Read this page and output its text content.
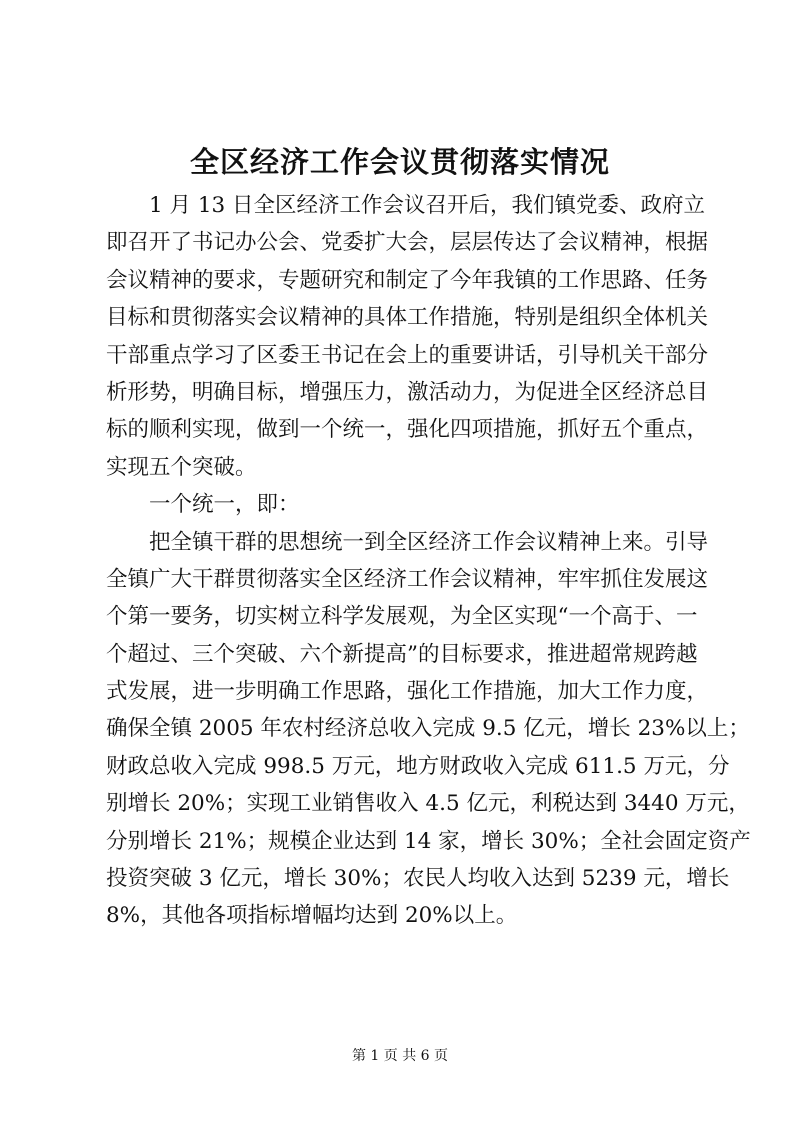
全区经济工作会议贯彻落实情况
1 月 13 日全区经济工作会议召开后，我们镇党委、政府立
即召开了书记办公会、党委扩大会，层层传达了会议精神，根据
会议精神的要求，专题研究和制定了今年我镇的工作思路、任务
目标和贯彻落实会议精神的具体工作措施，特别是组织全体机关
干部重点学习了区委王书记在会上的重要讲话，引导机关干部分
析形势，明确目标，增强压力，激活动力，为促进全区经济总目
标的顺利实现，做到一个统一，强化四项措施，抓好五个重点，
实现五个突破。
一个统一，即：
把全镇干群的思想统一到全区经济工作会议精神上来。引导
全镇广大干群贯彻落实全区经济工作会议精神，牢牢抓住发展这
个第一要务，切实树立科学发展观，为全区实现“一个高于、一
个超过、三个突破、六个新提高”的目标要求，推进超常规跨越
式发展，进一步明确工作思路，强化工作措施，加大工作力度，
确保全镇 2005 年农村经济总收入完成 9.5 亿元，增长 23%以上；
财政总收入完成 998.5 万元，地方财政收入完成 611.5 万元，分
别增长 20%；实现工业销售收入 4.5 亿元，利税达到 3440 万元，
分别增长 21%；规模企业达到 14 家，增长 30%；全社会固定资产
投资突破 3 亿元，增长 30%；农民人均收入达到 5239 元，增长
8%，其他各项指标增幅均达到 20%以上。
第 1 页 共 6 页
